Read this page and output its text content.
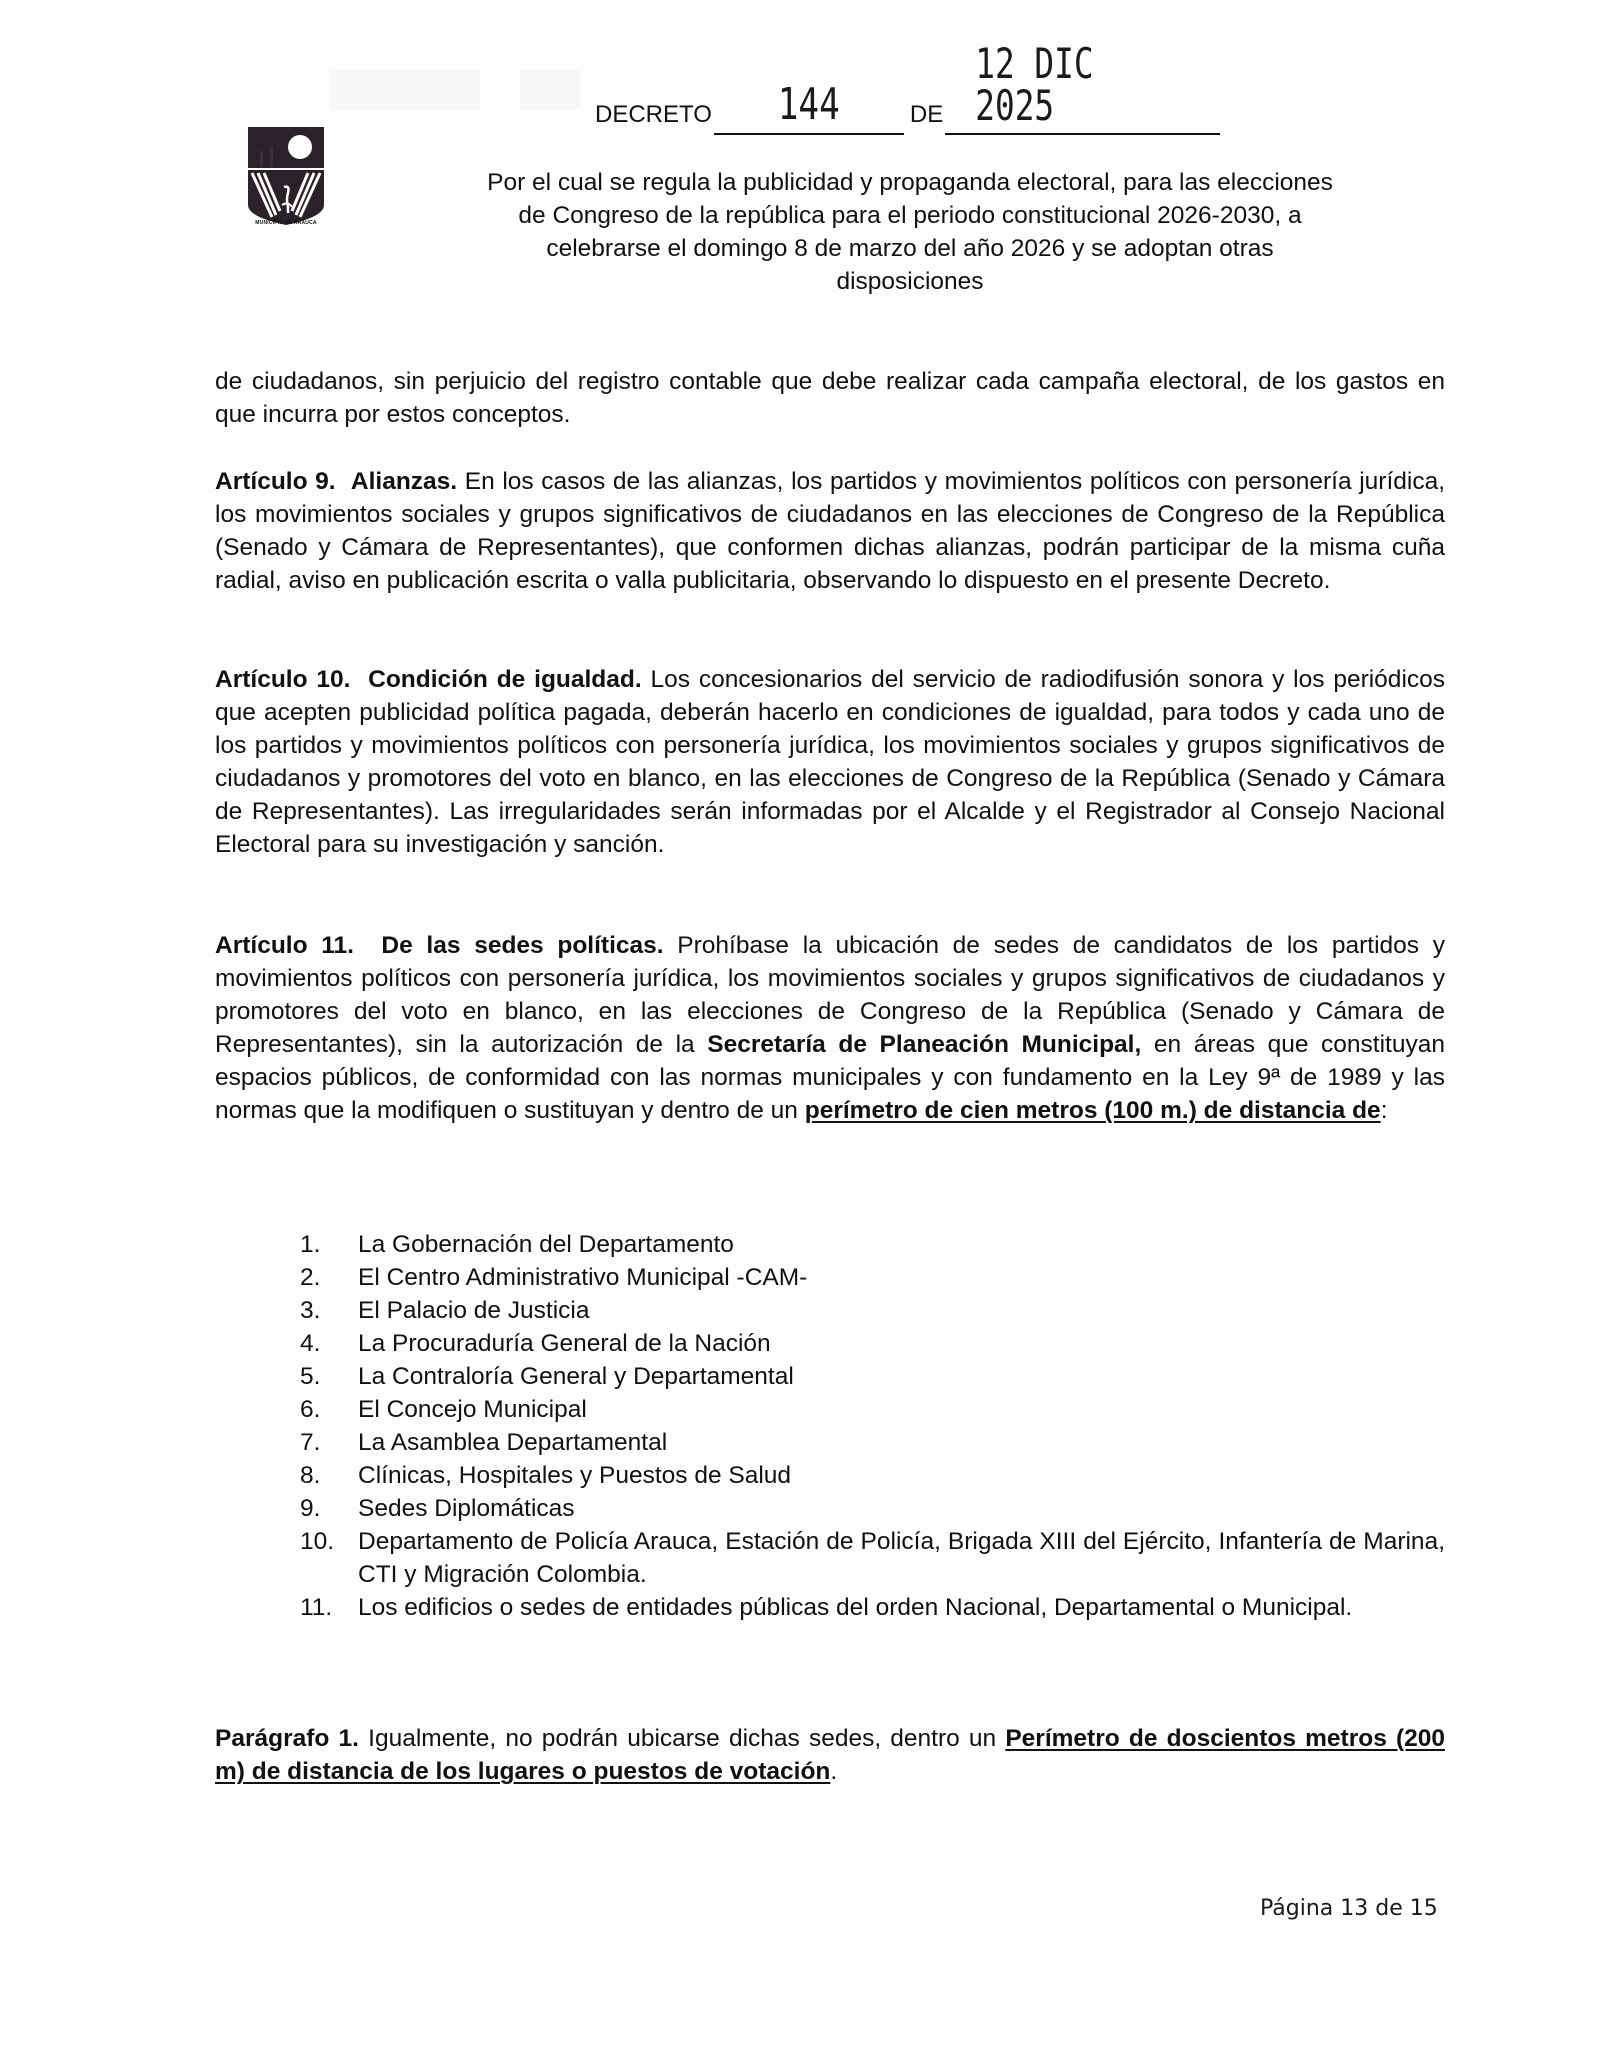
DECRETO 144	DE
12 DIC 2025
MUNICIPIO DE ARAUCA
Por el cual se regula la publicidad y propaganda electoral, para las elecciones
de Congreso de la república para el periodo constitucional 2026-2030, a
celebrarse el domingo 8 de marzo del año 2026 y se adoptan otras
disposiciones
de ciudadanos, sin perjuicio del registro contable que debe realizar cada campaña electoral, de los gastos en que incurra por estos conceptos.
Artículo 9. Alianzas. En los casos de las alianzas, los partidos y movimientos políticos con personería jurídica, los movimientos sociales y grupos significativos de ciudadanos en las elecciones de Congreso de la República (Senado y Cámara de Representantes), que conformen dichas alianzas, podrán participar de la misma cuña radial, aviso en publicación escrita o valla publicitaria, observando lo dispuesto en el presente Decreto.
Artículo 10. Condición de igualdad. Los concesionarios del servicio de radiodifusión sonora y los periódicos que acepten publicidad política pagada, deberán hacerlo en condiciones de igualdad, para todos y cada uno de los partidos y movimientos políticos con personería jurídica, los movimientos sociales y grupos significativos de ciudadanos y promotores del voto en blanco, en las elecciones de Congreso de la República (Senado y Cámara de Representantes). Las irregularidades serán informadas por el Alcalde y el Registrador al Consejo Nacional Electoral para su investigación y sanción.
Artículo 11. De las sedes políticas. Prohíbase la ubicación de sedes de candidatos de los partidos y movimientos políticos con personería jurídica, los movimientos sociales y grupos significativos de ciudadanos y promotores del voto en blanco, en las elecciones de Congreso de la República (Senado y Cámara de Representantes), sin la autorización de la Secretaría de Planeación Municipal, en áreas que constituyan espacios públicos, de conformidad con las normas municipales y con fundamento en la Ley 9ª de 1989 y las normas que la modifiquen o sustituyan y dentro de un perímetro de cien metros (100 m.) de distancia de:
1.	La Gobernación del Departamento
2.	El Centro Administrativo Municipal -CAM-
3.	El Palacio de Justicia
4.	La Procuraduría General de la Nación
5.	La Contraloría General y Departamental
6.	El Concejo Municipal
7.	La Asamblea Departamental
8.	Clínicas, Hospitales y Puestos de Salud
9.	Sedes Diplomáticas
10. Departamento de Policía Arauca, Estación de Policía, Brigada XIII del Ejército, Infantería de Marina, CTI y Migración Colombia.
11.	Los edificios o sedes de entidades públicas del orden Nacional, Departamental o Municipal.
Parágrafo 1. Igualmente, no podrán ubicarse dichas sedes, dentro un Perímetro de doscientos metros (200 m) de distancia de los lugares o puestos de votación.
Página 13 de 15
